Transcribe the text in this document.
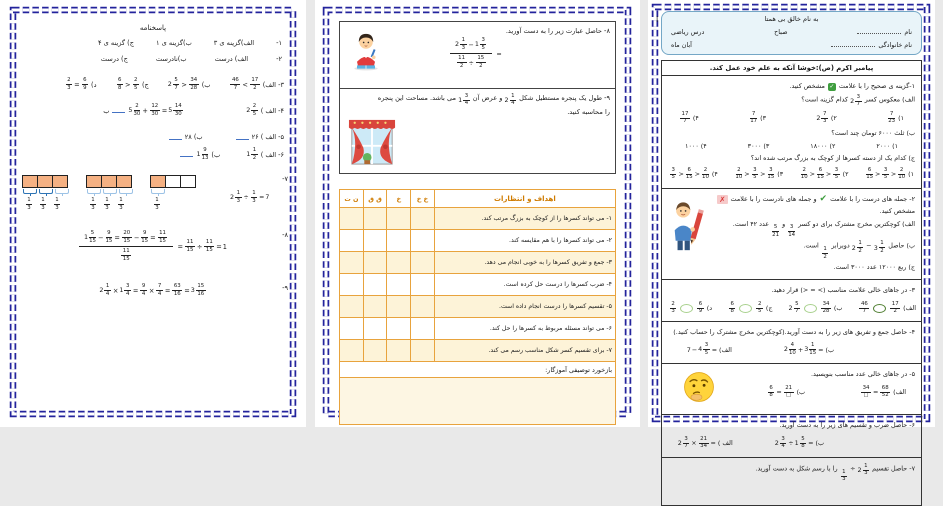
پاسخنامه
۱-
الف)گزینه ی ۳
ب)گزینه ی ۱
ج) گزینه ی ۴
۲-
الف) درست
ب)نادرست
ج) درست
۳- الف)
46
7 <
17
2
ب)
2
5
7 >
34
28
ج)
6
8 >
2
5
د)
$\frac{2}{3} = \frac{6}{9}$
۴-
الف )
2
2
5
5
2
$30 + \frac{12}{30} = 5$
14
30
ب
۵-
الف )
۲۶
ب)
۲۸
۶-
الف )
1
1
2
ب)
1
9
13
۷-
1
3
1
3
1
3
1
3
1
3
1
3
1
3
2
1
$3 \div \frac{1}{3} = 7$
۸-
1
5
$15 - \frac{9}{15} = \frac{20}{15} - \frac{9}{15} = \frac{11}{15}$
11
$15 = \frac{11}{15} \div \frac{11}{15} = 1$
۹-
2
1
4 × 1
3
$4 = \frac{9}{4} \times \frac{7}{4} = \frac{63}{16} = 3$
15
16
۸- حاصل عبارت زیر را به دست آورید.
2
1
3 − 1
3
5
$\frac{11}{2} \div \frac{15}{2}$ =
۹- طول یک پنجره مستطیل شکل
2
1
4
و عرض آن
1
3
4
می باشد. مساحت این پنجره را محاسبه کنید.
اهداف و انتظارات	خ خ	خ	ق ق	ن ت
۱- می تواند کسرها را از کوچک به بزرگ مرتب کند.				
۲- می تواند کسرها را با هم مقایسه کند.				
۳- جمع و تفریق کسرها را به خوبی انجام می دهد.				
۴- ضرب کسرها را درست حل کرده است.				
۵- تقسیم کسرها را درست انجام داده است.				
۶- می تواند مسئله مربوط به کسرها را حل کند.				
۷- برای تقسیم کسر شکل مناسب رسم می کند.				
بازخورد توصیفی آموزگار:				

ا	به نام خالق بی همتا
نام
صباح
درس ریاضی
نام خانوادگی
آبان ماه
پیامبر اکرم (ص):خوشا آنکه به علم خود عمل کند.
۱-گزینه ی صحیح را با علامت
✓
مشخص کنید.
الف) معکوس کسر
2
3
7
کدام گزینه است؟
۱)
7
23
۲)
2
7
3
۳)
7
17
۴)
17
7
ب) ثلث ۶۰۰۰ تومان چند است؟
۱)
۲۰۰۰
۲)
۱۸۰۰۰
۳)
۳۰۰۰
۴)
۱۰۰۰
ج) کدام یک از دسته کسرها از کوچک به بزرگ مرتب شده اند؟
۱)
6
15 >
3
5 >
2
10
۲)
2
10 >
6
15 >
3
5
۳)
2
10 >
3
5 >
3
15
۴)
3
5 >
6
15 >
2
10
۲- جمله های درست را با علامت
✔
و جمله های نادرست را با علامت
✗
مشخص کنید.
الف) کوچکترین مخرج مشترک برای دو کسر
$\frac{3}{14}$
و
$\frac{5}{21}$
عدد ۴۲ است.
ب) حاصل
3
1
2
−
2
1
2
دوبرابر
$\frac{1}{2}$
است.
ج) ربع ۱۲۰۰۰ عدد ۳۰۰۰ است.
۳- در جاهای خالی علامت مناسب (> = <) قرار دهید.
الف)
46
7
17
2
ب)
2
5
7
34
28
ج)
6
8
2
5
د)
2
3
6
9
۴- حاصل جمع و تفریق های زیر را به دست آورید.(کوچکترین مخرج مشترک را حساب کنید.)
ب)
2
4
10 + 3
1
15 =
الف)
7 − 4
3
5 =
۵- در جاهای خالی عدد مناسب بنویسید.
الف)
34
□ = $\frac{68}{52}$
ب)
$\frac{6}{8}$ =
21
□
۶- حاصل ضرب و تقسیم های زیر را به دست آورید.
ب)
2
3
4 ÷ 1
5
8 =
الف )
2
3
$7 \times \frac{21}{34}$ =
۷- حاصل تقسیم
2
1
3
÷
$\frac{1}{3}$
را با رسم شکل به دست آورید.
